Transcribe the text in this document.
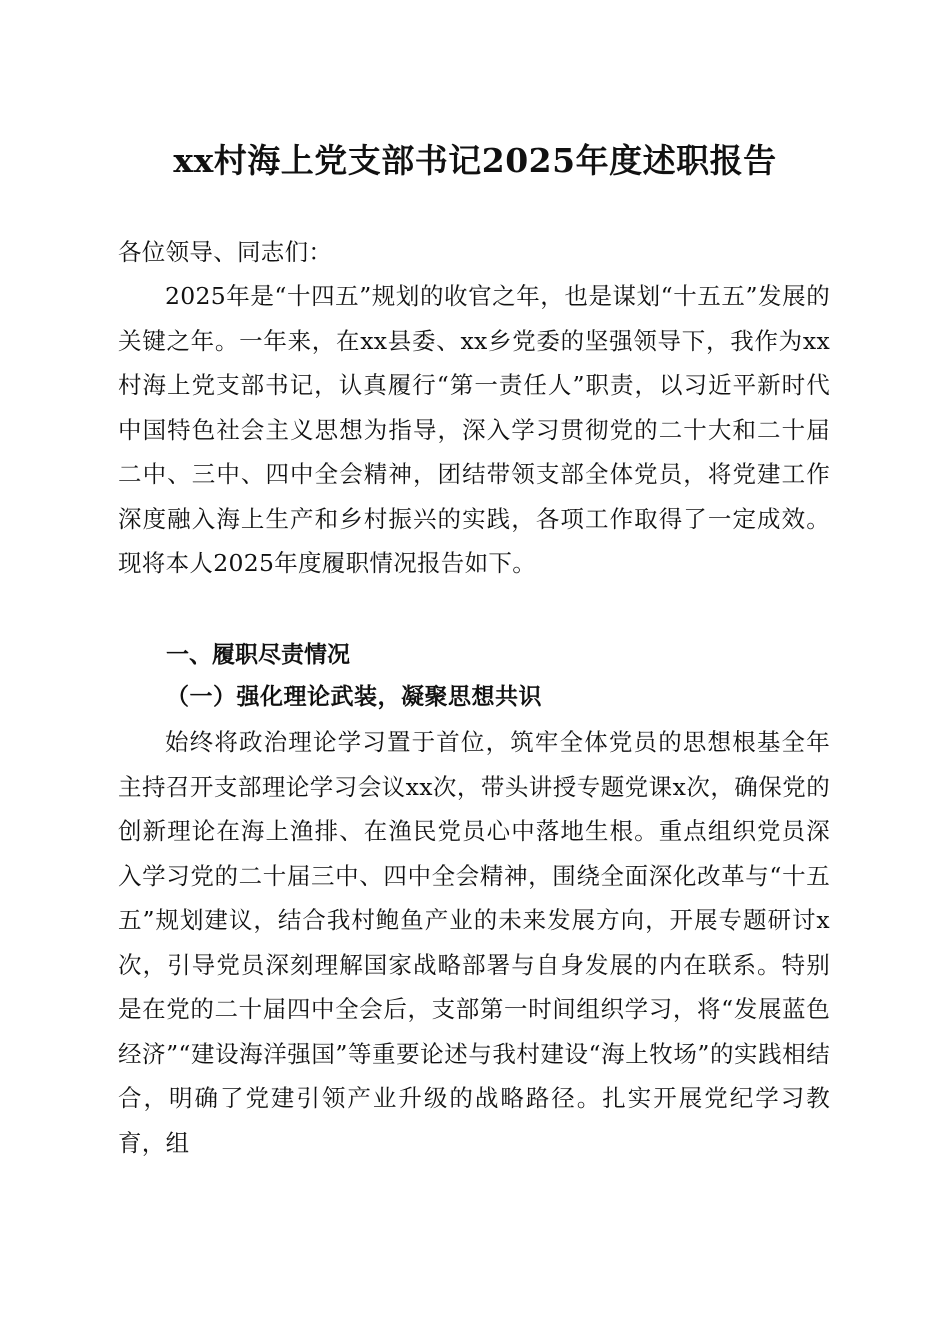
xx村海上党支部书记2025年度述职报告
各位领导、同志们：
2025年是“十四五”规划的收官之年，也是谋划“十五五”发展的关键之年。一年来，在xx县委、xx乡党委的坚强领导下，我作为xx村海上党支部书记，认真履行“第一责任人”职责，以习近平新时代中国特色社会主义思想为指导，深入学习贯彻党的二十大和二十届二中、三中、四中全会精神，团结带领支部全体党员，将党建工作深度融入海上生产和乡村振兴的实践，各项工作取得了一定成效。现将本人2025年度履职情况报告如下。
一、履职尽责情况
（一）强化理论武装，凝聚思想共识
始终将政治理论学习置于首位，筑牢全体党员的思想根基全年主持召开支部理论学习会议xx次，带头讲授专题党课x次，确保党的创新理论在海上渔排、在渔民党员心中落地生根。重点组织党员深入学习党的二十届三中、四中全会精神，围绕全面深化改革与“十五五”规划建议，结合我村鲍鱼产业的未来发展方向，开展专题研讨x次，引导党员深刻理解国家战略部署与自身发展的内在联系。特别是在党的二十届四中全会后，支部第一时间组织学习，将“发展蓝色经济”“建设海洋强国”等重要论述与我村建设“海上牧场”的实践相结合，明确了党建引领产业升级的战略路径。扎实开展党纪学习教育，组
